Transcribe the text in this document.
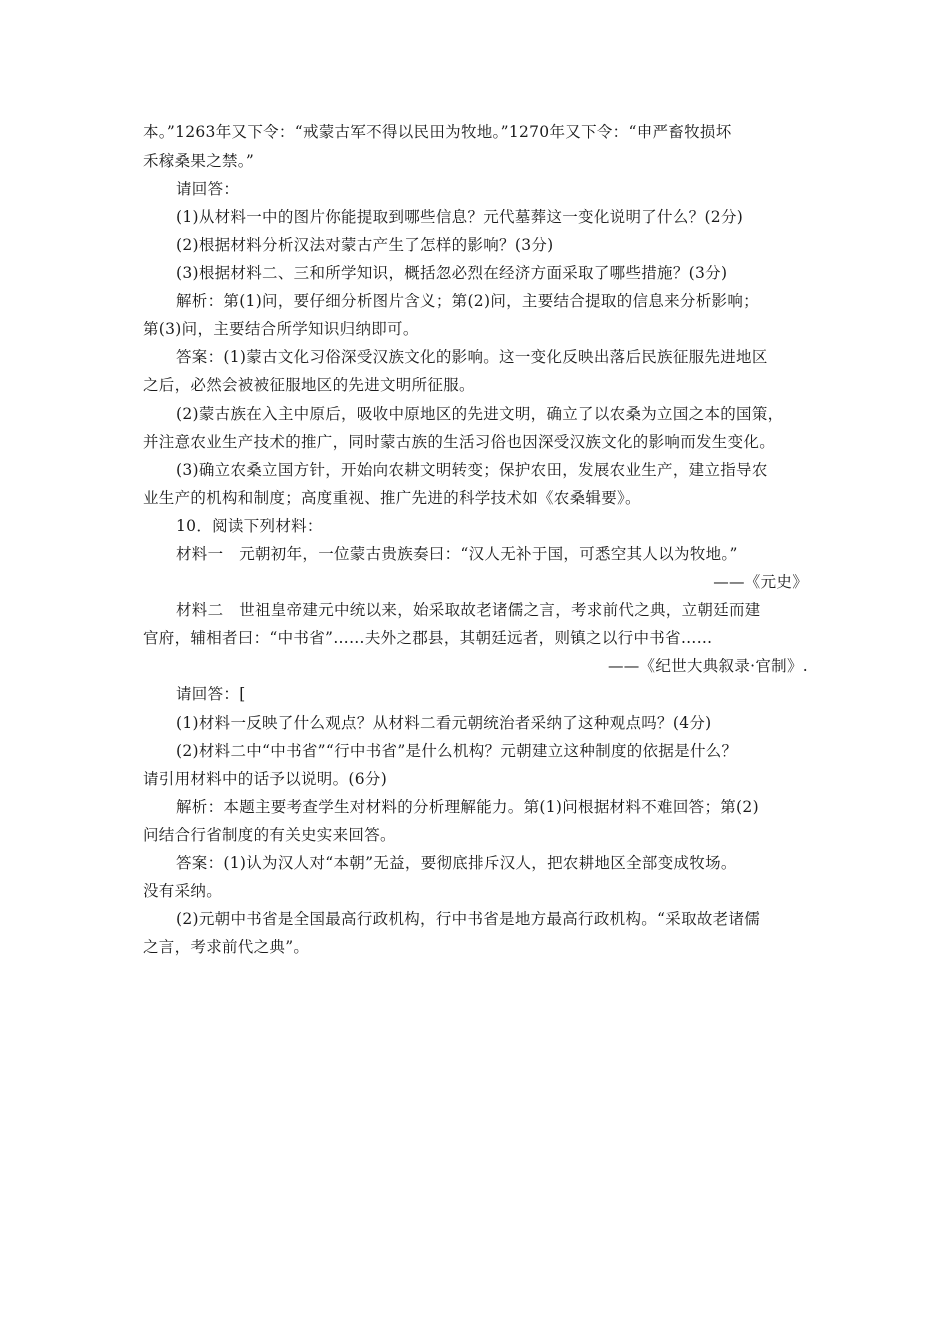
本。”1263年又下令：“戒蒙古军不得以民田为牧地。”1270年又下令：“申严畜牧损坏
禾稼桑果之禁。”
请回答：
(1)从材料一中的图片你能提取到哪些信息？元代墓葬这一变化说明了什么？(2分)
(2)根据材料分析汉法对蒙古产生了怎样的影响？(3分)
(3)根据材料二、三和所学知识，概括忽必烈在经济方面采取了哪些措施？(3分)
解析：第(1)问，要仔细分析图片含义；第(2)问，主要结合提取的信息来分析影响；
第(3)问，主要结合所学知识归纳即可。
答案：(1)蒙古文化习俗深受汉族文化的影响。这一变化反映出落后民族征服先进地区
之后，必然会被被征服地区的先进文明所征服。
(2)蒙古族在入主中原后，吸收中原地区的先进文明，确立了以农桑为立国之本的国策，
并注意农业生产技术的推广，同时蒙古族的生活习俗也因深受汉族文化的影响而发生变化。
(3)确立农桑立国方针，开始向农耕文明转变；保护农田，发展农业生产，建立指导农
业生产的机构和制度；高度重视、推广先进的科学技术如《农桑辑要》。
10．阅读下列材料：
材料一　元朝初年，一位蒙古贵族奏曰：“汉人无补于国，可悉空其人以为牧地。”
——《元史》
材料二　世祖皇帝建元中统以来，始采取故老诸儒之言，考求前代之典，立朝廷而建
官府，辅相者曰：“中书省”……夫外之郡县，其朝廷远者，则镇之以行中书省……
——《纪世大典叙录·官制》.
请回答：[
(1)材料一反映了什么观点？从材料二看元朝统治者采纳了这种观点吗？(4分)
(2)材料二中“中书省”“行中书省”是什么机构？元朝建立这种制度的依据是什么？
请引用材料中的话予以说明。(6分)
解析：本题主要考查学生对材料的分析理解能力。第(1)问根据材料不难回答；第(2)
问结合行省制度的有关史实来回答。
答案：(1)认为汉人对“本朝”无益，要彻底排斥汉人，把农耕地区全部变成牧场。
没有采纳。
(2)元朝中书省是全国最高行政机构，行中书省是地方最高行政机构。“采取故老诸儒
之言，考求前代之典”。
